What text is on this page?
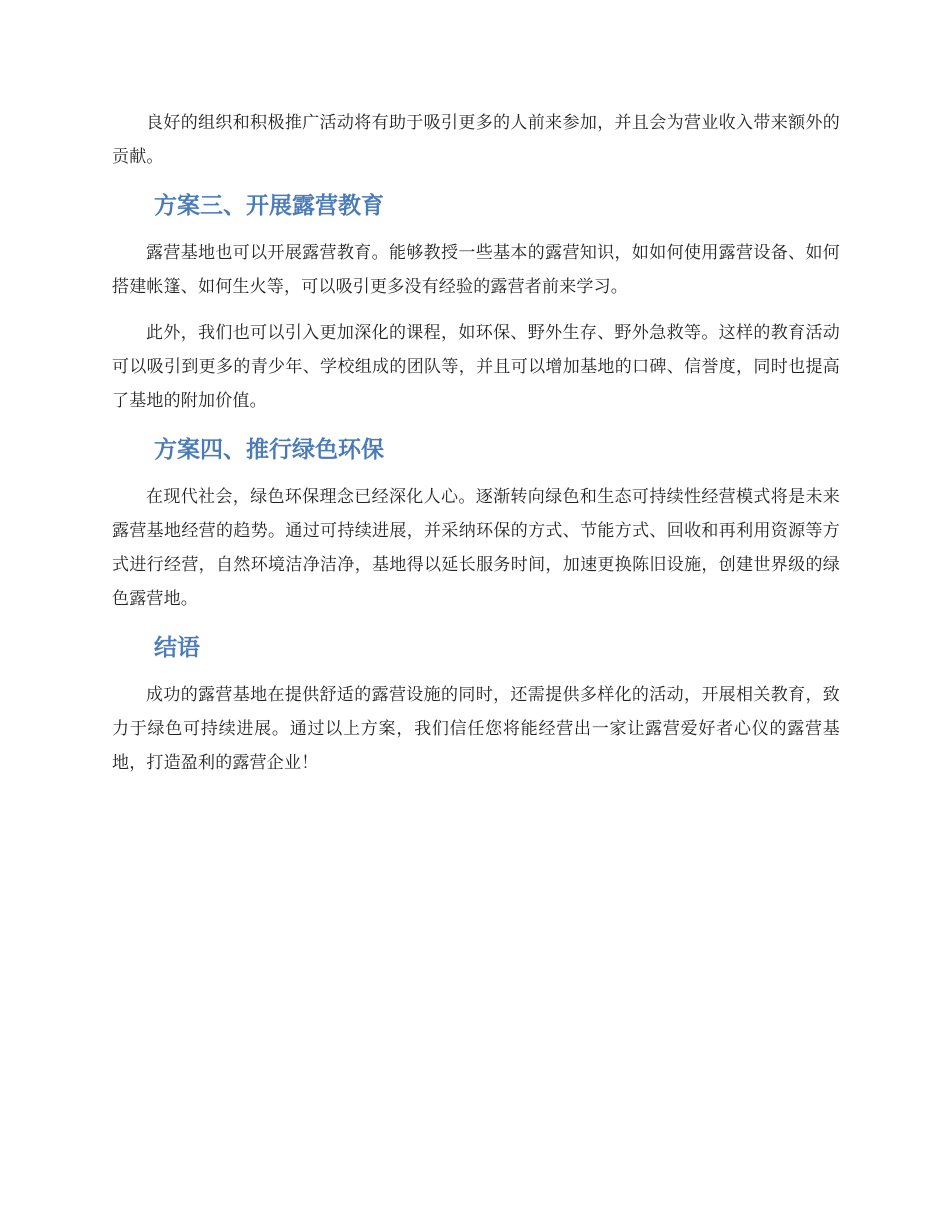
良好的组织和积极推广活动将有助于吸引更多的人前来参加，并且会为营业收入带来额外的贡献。

方案三、开展露营教育

露营基地也可以开展露营教育。能够教授一些基本的露营知识，如如何使用露营设备、如何搭建帐篷、如何生火等，可以吸引更多没有经验的露营者前来学习。

此外，我们也可以引入更加深化的课程，如环保、野外生存、野外急救等。这样的教育活动可以吸引到更多的青少年、学校组成的团队等，并且可以增加基地的口碑、信誉度，同时也提高了基地的附加价值。

方案四、推行绿色环保

在现代社会，绿色环保理念已经深化人心。逐渐转向绿色和生态可持续性经营模式将是未来露营基地经营的趋势。通过可持续进展，并采纳环保的方式、节能方式、回收和再利用资源等方式进行经营，自然环境洁净洁净，基地得以延长服务时间，加速更换陈旧设施，创建世界级的绿色露营地。

结语

成功的露营基地在提供舒适的露营设施的同时，还需提供多样化的活动，开展相关教育，致力于绿色可持续进展。通过以上方案，我们信任您将能经营出一家让露营爱好者心仪的露营基地，打造盈利的露营企业！
